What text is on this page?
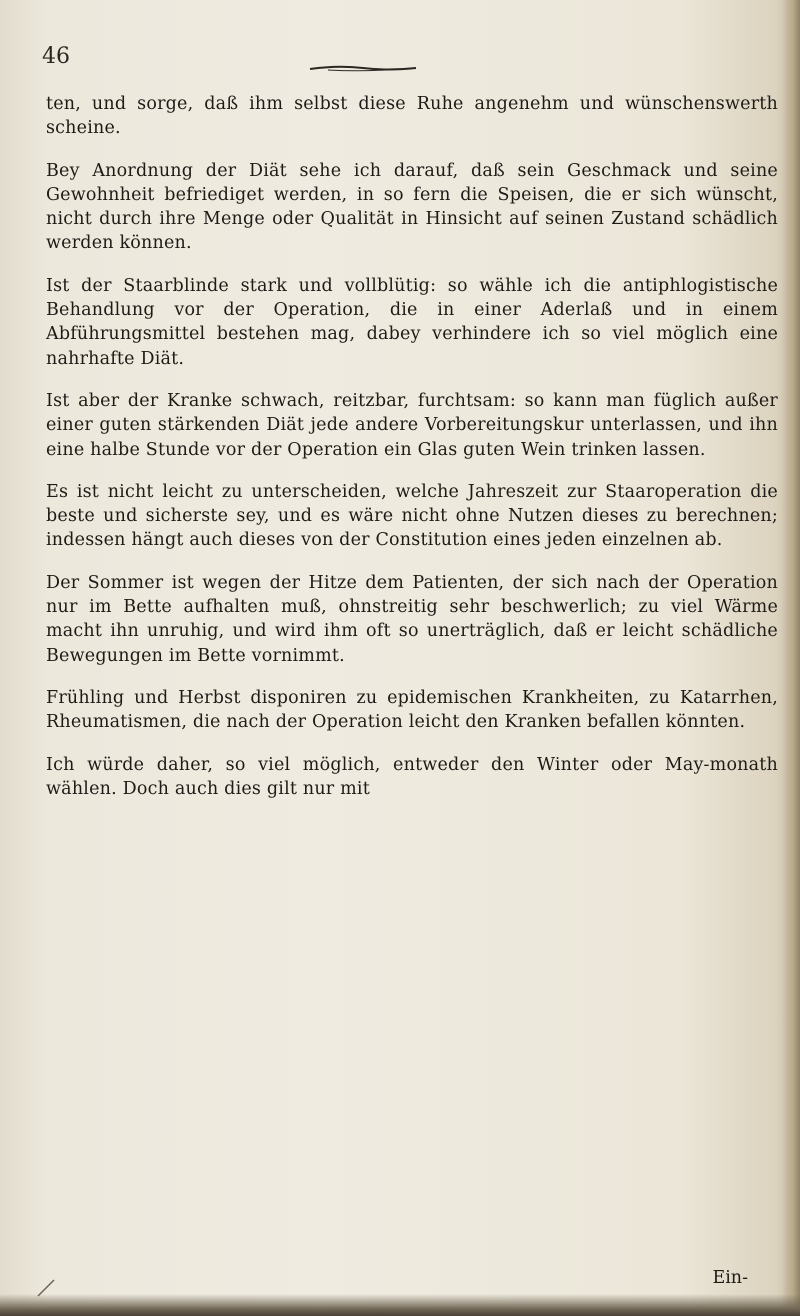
46

ten, und sorge, daß ihm selbst diese Ruhe angenehm und wünschenswerth scheine.

Bey Anordnung der Diät sehe ich darauf, daß sein Geschmack und seine Gewohnheit befriediget werden, in so fern die Speisen, die er sich wünscht, nicht durch ihre Menge oder Qualität in Hinsicht auf seinen Zustand schädlich werden können.

Ist der Staarblinde stark und vollblütig: so wähle ich die antiphlogistische Behandlung vor der Operation, die in einer Aderlaß und in einem Abführungsmittel bestehen mag, dabey verhindere ich so viel möglich eine nahrhafte Diät.

Ist aber der Kranke schwach, reitzbar, furchtsam: so kann man füglich außer einer guten stärkenden Diät jede andere Vorbereitungskur unterlassen, und ihn eine halbe Stunde vor der Operation ein Glas guten Wein trinken lassen.

Es ist nicht leicht zu unterscheiden, welche Jahreszeit zur Staaroperation die beste und sicherste sey, und es wäre nicht ohne Nutzen dieses zu berechnen; indessen hängt auch dieses von der Constitution eines jeden einzelnen ab.

Der Sommer ist wegen der Hitze dem Patienten, der sich nach der Operation nur im Bette aufhalten muß, ohnstreitig sehr beschwerlich; zu viel Wärme macht ihn unruhig, und wird ihm oft so unerträglich, daß er leicht schädliche Bewegungen im Bette vornimmt.

Frühling und Herbst disponiren zu epidemischen Krankheiten, zu Katarrhen, Rheumatismen, die nach der Operation leicht den Kranken befallen könnten.

Ich würde daher, so viel möglich, entweder den Winter oder May-monath wählen. Doch auch dies gilt nur mit

Ein-
